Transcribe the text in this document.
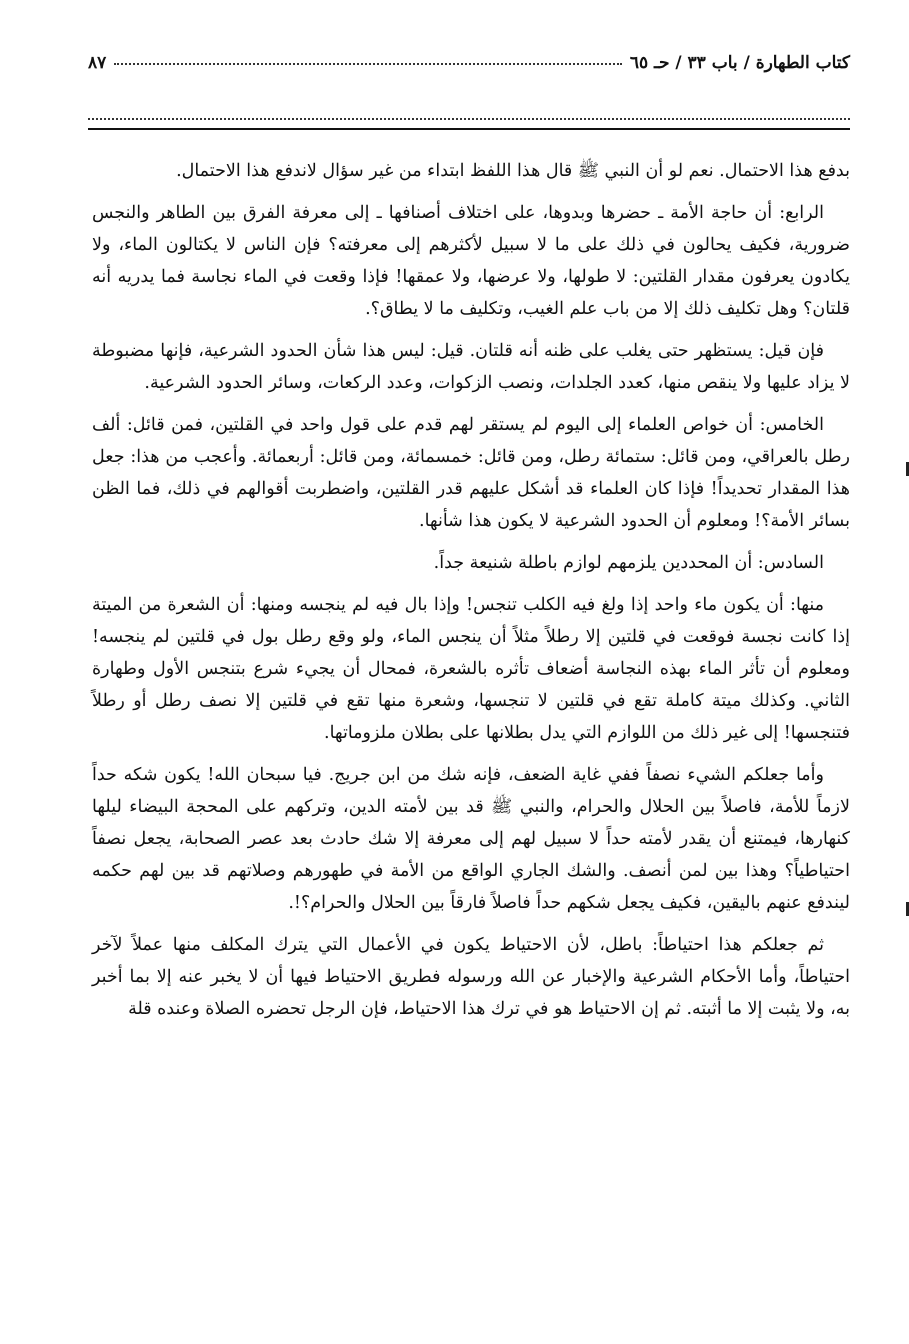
كتاب الطهارة / باب ٣٣ / حـ ٦٥
٨٧

بدفع هذا الاحتمال. نعم لو أن النبي ﷺ قال هذا اللفظ ابتداء من غير سؤال لاندفع هذا الاحتمال.

الرابع: أن حاجة الأمة ـ حضرها وبدوها، على اختلاف أصنافها ـ إلى معرفة الفرق بين الطاهر والنجس ضرورية، فكيف يحالون في ذلك على ما لا سبيل لأكثرهم إلى معرفته؟ فإن الناس لا يكتالون الماء، ولا يكادون يعرفون مقدار القلتين: لا طولها، ولا عرضها، ولا عمقها! فإذا وقعت في الماء نجاسة فما يدريه أنه قلتان؟ وهل تكليف ذلك إلا من باب علم الغيب، وتكليف ما لا يطاق؟.

فإن قيل: يستظهر حتى يغلب على ظنه أنه قلتان. قيل: ليس هذا شأن الحدود الشرعية، فإنها مضبوطة لا يزاد عليها ولا ينقص منها، كعدد الجلدات، ونصب الزكوات، وعدد الركعات، وسائر الحدود الشرعية.

الخامس: أن خواص العلماء إلى اليوم لم يستقر لهم قدم على قول واحد في القلتين، فمن قائل: ألف رطل بالعراقي، ومن قائل: ستمائة رطل، ومن قائل: خمسمائة، ومن قائل: أربعمائة. وأعجب من هذا: جعل هذا المقدار تحديداً! فإذا كان العلماء قد أشكل عليهم قدر القلتين، واضطربت أقوالهم في ذلك، فما الظن بسائر الأمة؟! ومعلوم أن الحدود الشرعية لا يكون هذا شأنها.

السادس: أن المحددين يلزمهم لوازم باطلة شنيعة جداً.

منها: أن يكون ماء واحد إذا ولغ فيه الكلب تنجس! وإذا بال فيه لم ينجسه ومنها: أن الشعرة من الميتة إذا كانت نجسة فوقعت في قلتين إلا رطلاً مثلاً أن ينجس الماء، ولو وقع رطل بول في قلتين لم ينجسه! ومعلوم أن تأثر الماء بهذه النجاسة أضعاف تأثره بالشعرة، فمحال أن يجيء شرع بتنجس الأول وطهارة الثاني. وكذلك ميتة كاملة تقع في قلتين لا تنجسها، وشعرة منها تقع في قلتين إلا نصف رطل أو رطلاً فتنجسها! إلى غير ذلك من اللوازم التي يدل بطلانها على بطلان ملزوماتها.

وأما جعلكم الشيء نصفاً ففي غاية الضعف، فإنه شك من ابن جريج. فيا سبحان الله! يكون شكه حداً لازماً للأمة، فاصلاً بين الحلال والحرام، والنبي ﷺ قد بين لأمته الدين، وتركهم على المحجة البيضاء ليلها كنهارها، فيمتنع أن يقدر لأمته حداً لا سبيل لهم إلى معرفة إلا شك حادث بعد عصر الصحابة، يجعل نصفاً احتياطياً؟ وهذا بين لمن أنصف. والشك الجاري الواقع من الأمة في طهورهم وصلاتهم قد بين لهم حكمه ليندفع عنهم باليقين، فكيف يجعل شكهم حداً فاصلاً فارقاً بين الحلال والحرام؟!.

ثم جعلكم هذا احتياطاً: باطل، لأن الاحتياط يكون في الأعمال التي يترك المكلف منها عملاً لآخر احتياطاً، وأما الأحكام الشرعية والإخبار عن الله ورسوله فطريق الاحتياط فيها أن لا يخبر عنه إلا بما أخبر به، ولا يثبت إلا ما أثبته. ثم إن الاحتياط هو في ترك هذا الاحتياط، فإن الرجل تحضره الصلاة وعنده قلة
